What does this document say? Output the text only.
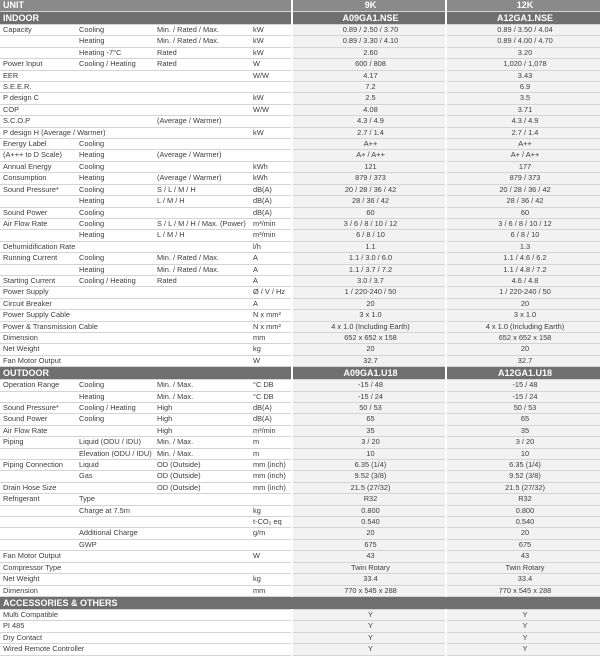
UNIT				9K	12K
INDOOR				A09GA1.NSE	A12GA1.NSE
Capacity	Cooling	Min. / Rated / Max.	kW	0.89 / 2.50 / 3.70	0.89 / 3.50 / 4.04
	Heating	Min. / Rated / Max.	kW	0.89 / 3.30 / 4.10	0.89 / 4.00 / 4.70
	Heating -7°C	Rated	kW	2.60	3.20
Power Input	Cooling / Heating	Rated	W	600 / 808	1,020 / 1,078
EER			W/W	4.17	3.43
S.E.E.R.				7.2	6.9
P design C			kW	2.5	3.5
COP			W/W	4.08	3.71
S.C.O.P		(Average / Warmer)		4.3 / 4.9	4.3 / 4.9
P design H (Average / Warmer)			kW	2.7 / 1.4	2.7 / 1.4
Energy Label	Cooling			A++	A++
(A+++ to D Scale)	Heating	(Average / Warmer)		A+ / A++	A+ / A++
Annual Energy	Cooling		kWh	121	177
Consumption	Heating	(Average / Warmer)	kWh	879 / 373	879 / 373
Sound Pressure*	Cooling	S / L / M / H	dB(A)	20 / 28 / 36 / 42	20 / 28 / 36 / 42
	Heating	L / M / H	dB(A)	28 / 36 / 42	28 / 36 / 42
Sound Power	Cooling		dB(A)	60	60
Air Flow Rate	Cooling	S / L / M / H / Max. (Power)	m³/min	3 / 6 / 8 / 10 / 12	3 / 6 / 8 / 10 / 12
	Heating	L / M / H	m³/min	6 / 8 / 10	6 / 8 / 10
Dehumidification Rate			l/h	1.1	1.3
Running Current	Cooling	Min. / Rated / Max.	A	1.1 / 3.0 / 6.0	1.1 / 4.6 / 6.2
	Heating	Min. / Rated / Max.	A	1.1 / 3.7 / 7.2	1.1 / 4.8 / 7.2
Starting Current	Cooling / Heating	Rated	A	3.0 / 3.7	4.6 / 4.8
Power Supply			Ø / V / Hz	1 / 220-240 / 50	1 / 220-240 / 50
Circuit Breaker			A	20	20
Power Supply Cable			N x mm²	3 x 1.0	3 x 1.0
Power & Transmission Cable			N x mm²	4 x 1.0 (Including Earth)	4 x 1.0 (Including Earth)
Dimension			mm	652 x 652 x 158	652 x 652 x 158
Net Weight			kg	20	20
Fan Motor Output			W	32.7	32.7
OUTDOOR				A09GA1.U18	A12GA1.U18
Operation Range	Cooling	Min. / Max.	°C DB	-15 / 48	-15 / 48
	Heating	Min. / Max.	°C DB	-15 / 24	-15 / 24
Sound Pressure*	Cooling / Heating	High	dB(A)	50 / 53	50 / 53
Sound Power	Cooling	High	dB(A)	65	65
Air Flow Rate		High	m³/min	35	35
Piping	Liquid (ODU / IDU)	Min. / Max.	m	3 / 20	3 / 20
	Elevation (ODU / IDU)	Min. / Max.	m	10	10
Piping Connection	Liquid	OD (Outside)	mm (inch)	6.35 (1/4)	6.35 (1/4)
	Gas	OD (Outside)	mm (inch)	9.52 (3/8)	9.52 (3/8)
Drain Hose Size		OD (Outside)	mm (inch)	21.5 (27/32)	21.5 (27/32)
Refrigerant	Type			R32	R32
	Charge at 7.5m		kg	0.800	0.800
			t-CO₂ eq	0.540	0.540
	Additional Charge		g/m	20	20
	GWP			675	675
Fan Motor Output			W	43	43
Compressor Type				Twin Rotary	Twin Rotary
Net Weight			kg	33.4	33.4
Dimension			mm	770 x 545 x 288	770 x 545 x 288
ACCESSORIES & OTHERS					
Multi Compatible				Y	Y
PI 485				Y	Y
Dry Contact				Y	Y
Wired Remote Controller				Y	Y
